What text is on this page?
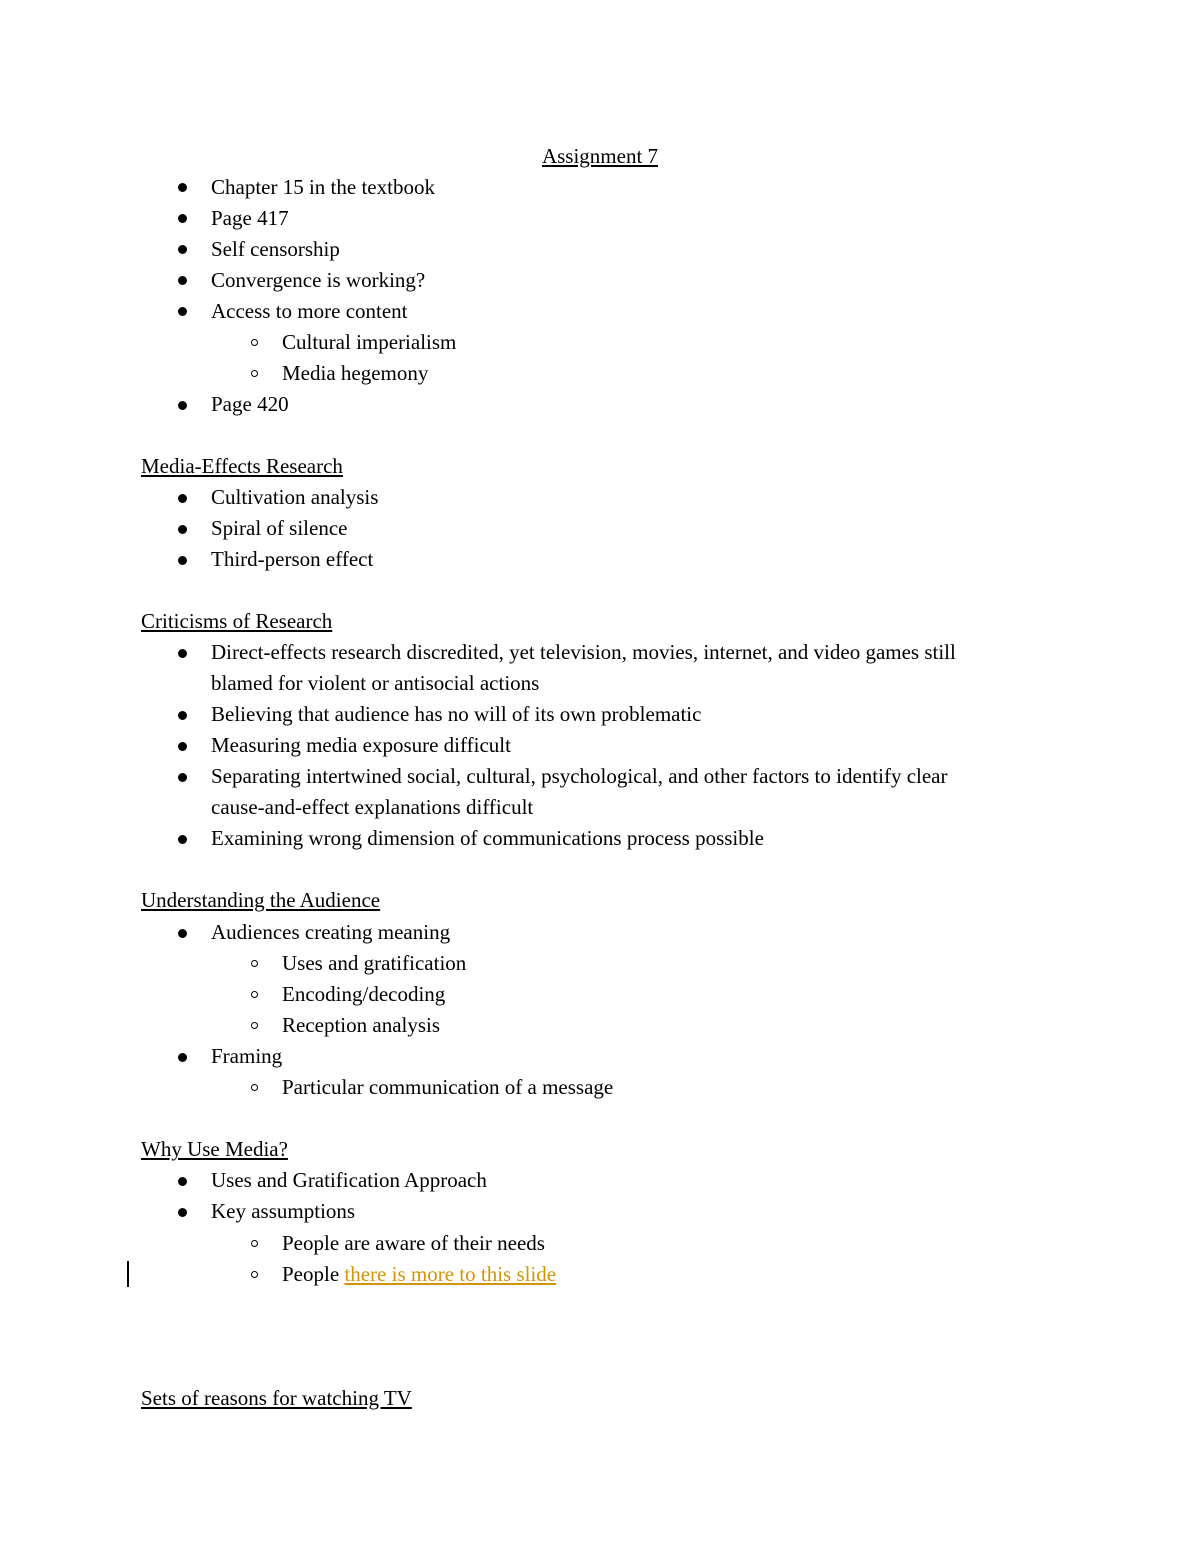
Assignment 7
Chapter 15 in the textbook
Page 417
Self censorship
Convergence is working?
Access to more content
Cultural imperialism
Media hegemony
Page 420
Media-Effects Research
Cultivation analysis
Spiral of silence
Third-person effect
Criticisms of Research
Direct-effects research discredited, yet television, movies, internet, and video games still
blamed for violent or antisocial actions
Believing that audience has no will of its own problematic
Measuring media exposure difficult
Separating intertwined social, cultural, psychological, and other factors to identify clear
cause-and-effect explanations difficult
Examining wrong dimension of communications process possible
Understanding the Audience
Audiences creating meaning
Uses and gratification
Encoding/decoding
Reception analysis
Framing
Particular communication of a message
Why Use Media?
Uses and Gratification Approach
Key assumptions
People are aware of their needs
People there is more to this slide
Sets of reasons for watching TV
